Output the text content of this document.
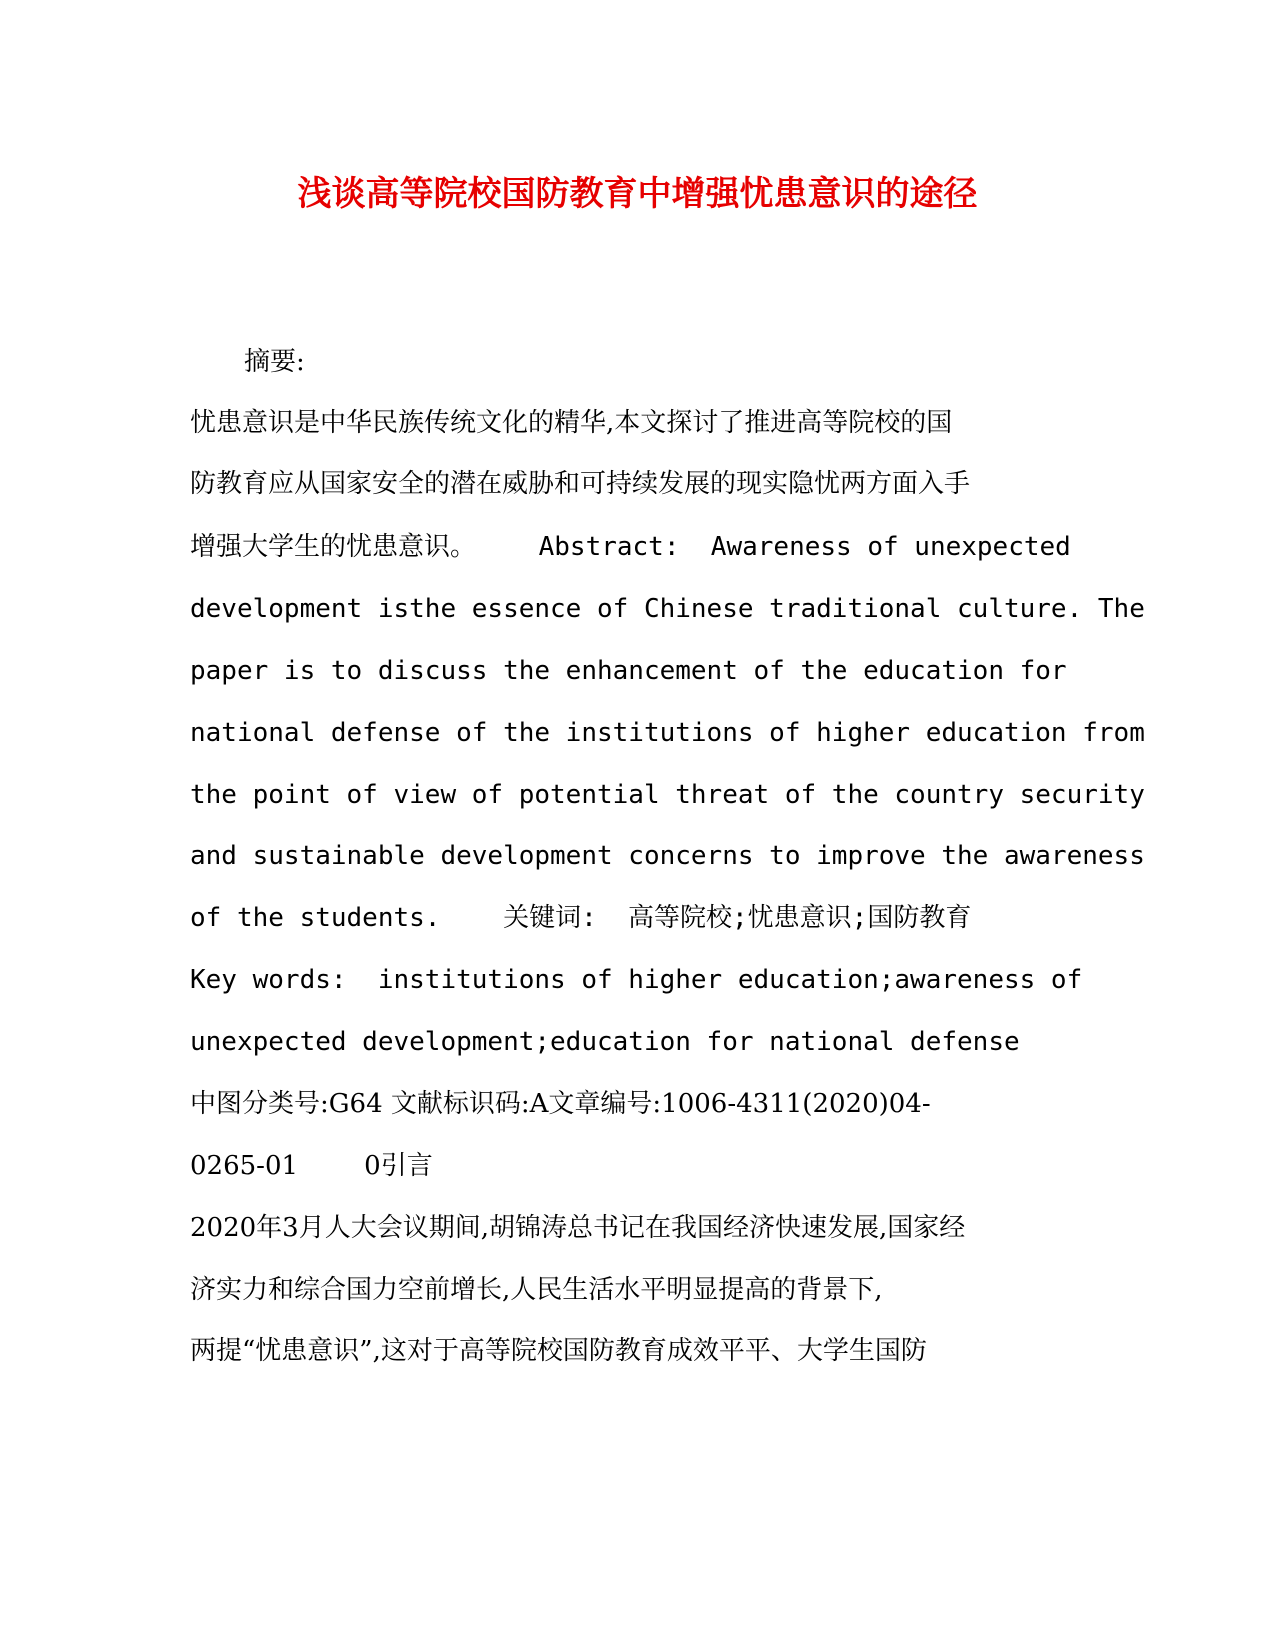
浅谈高等院校国防教育中增强忧患意识的途径

摘要:

忧患意识是中华民族传统文化的精华,本文探讨了推进高等院校的国

防教育应从国家安全的潜在威胁和可持续发展的现实隐忧两方面入手

增强大学生的忧患意识。    Abstract:  Awareness of unexpected

development isthe essence of Chinese traditional culture. The

paper is to discuss the enhancement of the education for

national defense of the institutions of higher education from

the point of view of potential threat of the country security

and sustainable development concerns to improve the awareness

of the students.    关键词:  高等院校;忧患意识;国防教育

Key words:  institutions of higher education;awareness of

unexpected development;education for national defense

中图分类号:G64 文献标识码:A文章编号:1006-4311(2020)04-

0265-01        0引言

2020年3月人大会议期间,胡锦涛总书记在我国经济快速发展,国家经

济实力和综合国力空前增长,人民生活水平明显提高的背景下,

两提“忧患意识”,这对于高等院校国防教育成效平平、大学生国防
